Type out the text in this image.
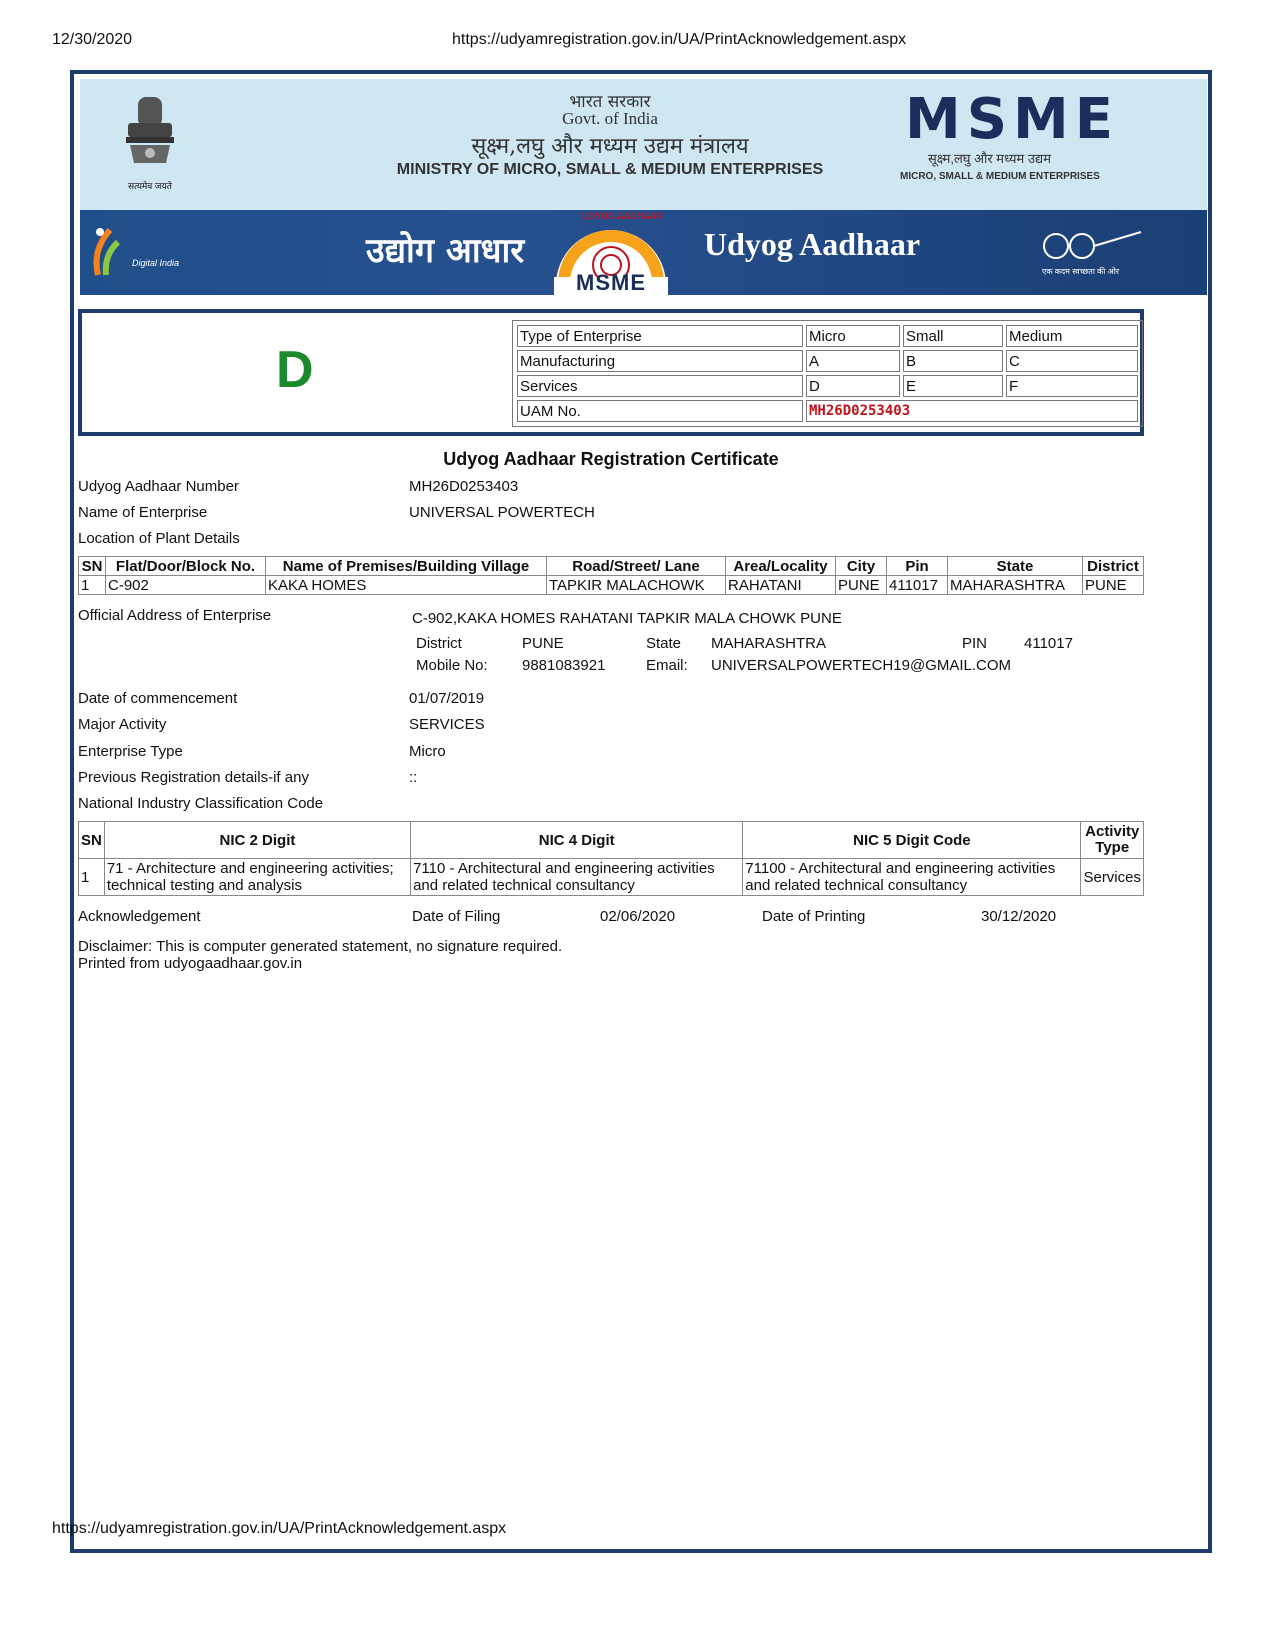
12/30/2020	https://udyamregistration.gov.in/UA/PrintAcknowledgement.aspx
सत्यमेव जयते
भारत सरकार
Govt. of India
सूक्ष्म,लघु और मध्यम उद्यम मंत्रालय
MINISTRY OF MICRO, SMALL & MEDIUM ENTERPRISES
MSME
सूक्ष्म,लघु और मध्यम उद्यम
MICRO, SMALL & MEDIUM ENTERPRISES
Digital India	उद्योग आधार	Udyog Aadhaar
एक कदम स्वच्छता की ओर
UDYOG AADHAAR
MSME
D
Type of Enterprise	Micro	Small	Medium
Manufacturing	A	B	C
Services	D	E	F
UAM No.	MH26D0253403		
Udyog Aadhaar Registration Certificate
Udyog Aadhaar Number	MH26D0253403
Name of Enterprise	UNIVERSAL POWERTECH
Location of Plant Details
SN	Flat/Door/Block No.	Name of Premises/Building Village	Road/Street/ Lane	Area/Locality	City	Pin	State	District
1	C-902	KAKA HOMES	TAPKIR MALACHOWK	RAHATANI	PUNE	411017	MAHARASHTRA	PUNE
Official Address of Enterprise	C-902,KAKA HOMES RAHATANI TAPKIR MALA CHOWK PUNE
District	PUNE	State MAHARASHTRA	PIN 411017
Mobile No: 9881083921	Email: UNIVERSALPOWERTECH19@GMAIL.COM
Date of commencement	01/07/2019
Major Activity	SERVICES
Enterprise Type	Micro
Previous Registration details-if any	::
National Industry Classification Code
SN	NIC 2 Digit	NIC 4 Digit	NIC 5 Digit Code	Activity Type
1	71 - Architecture and engineering activities; technical testing and analysis	7110 - Architectural and engineering activities and related technical consultancy	71100 - Architectural and engineering activities and related technical consultancy	Services
Acknowledgement	Date of Filing	02/06/2020	Date of Printing	30/12/2020
Disclaimer: This is computer generated statement, no signature required.
Printed from udyogaadhaar.gov.in
https://udyamregistration.gov.in/UA/PrintAcknowledgement.aspx
